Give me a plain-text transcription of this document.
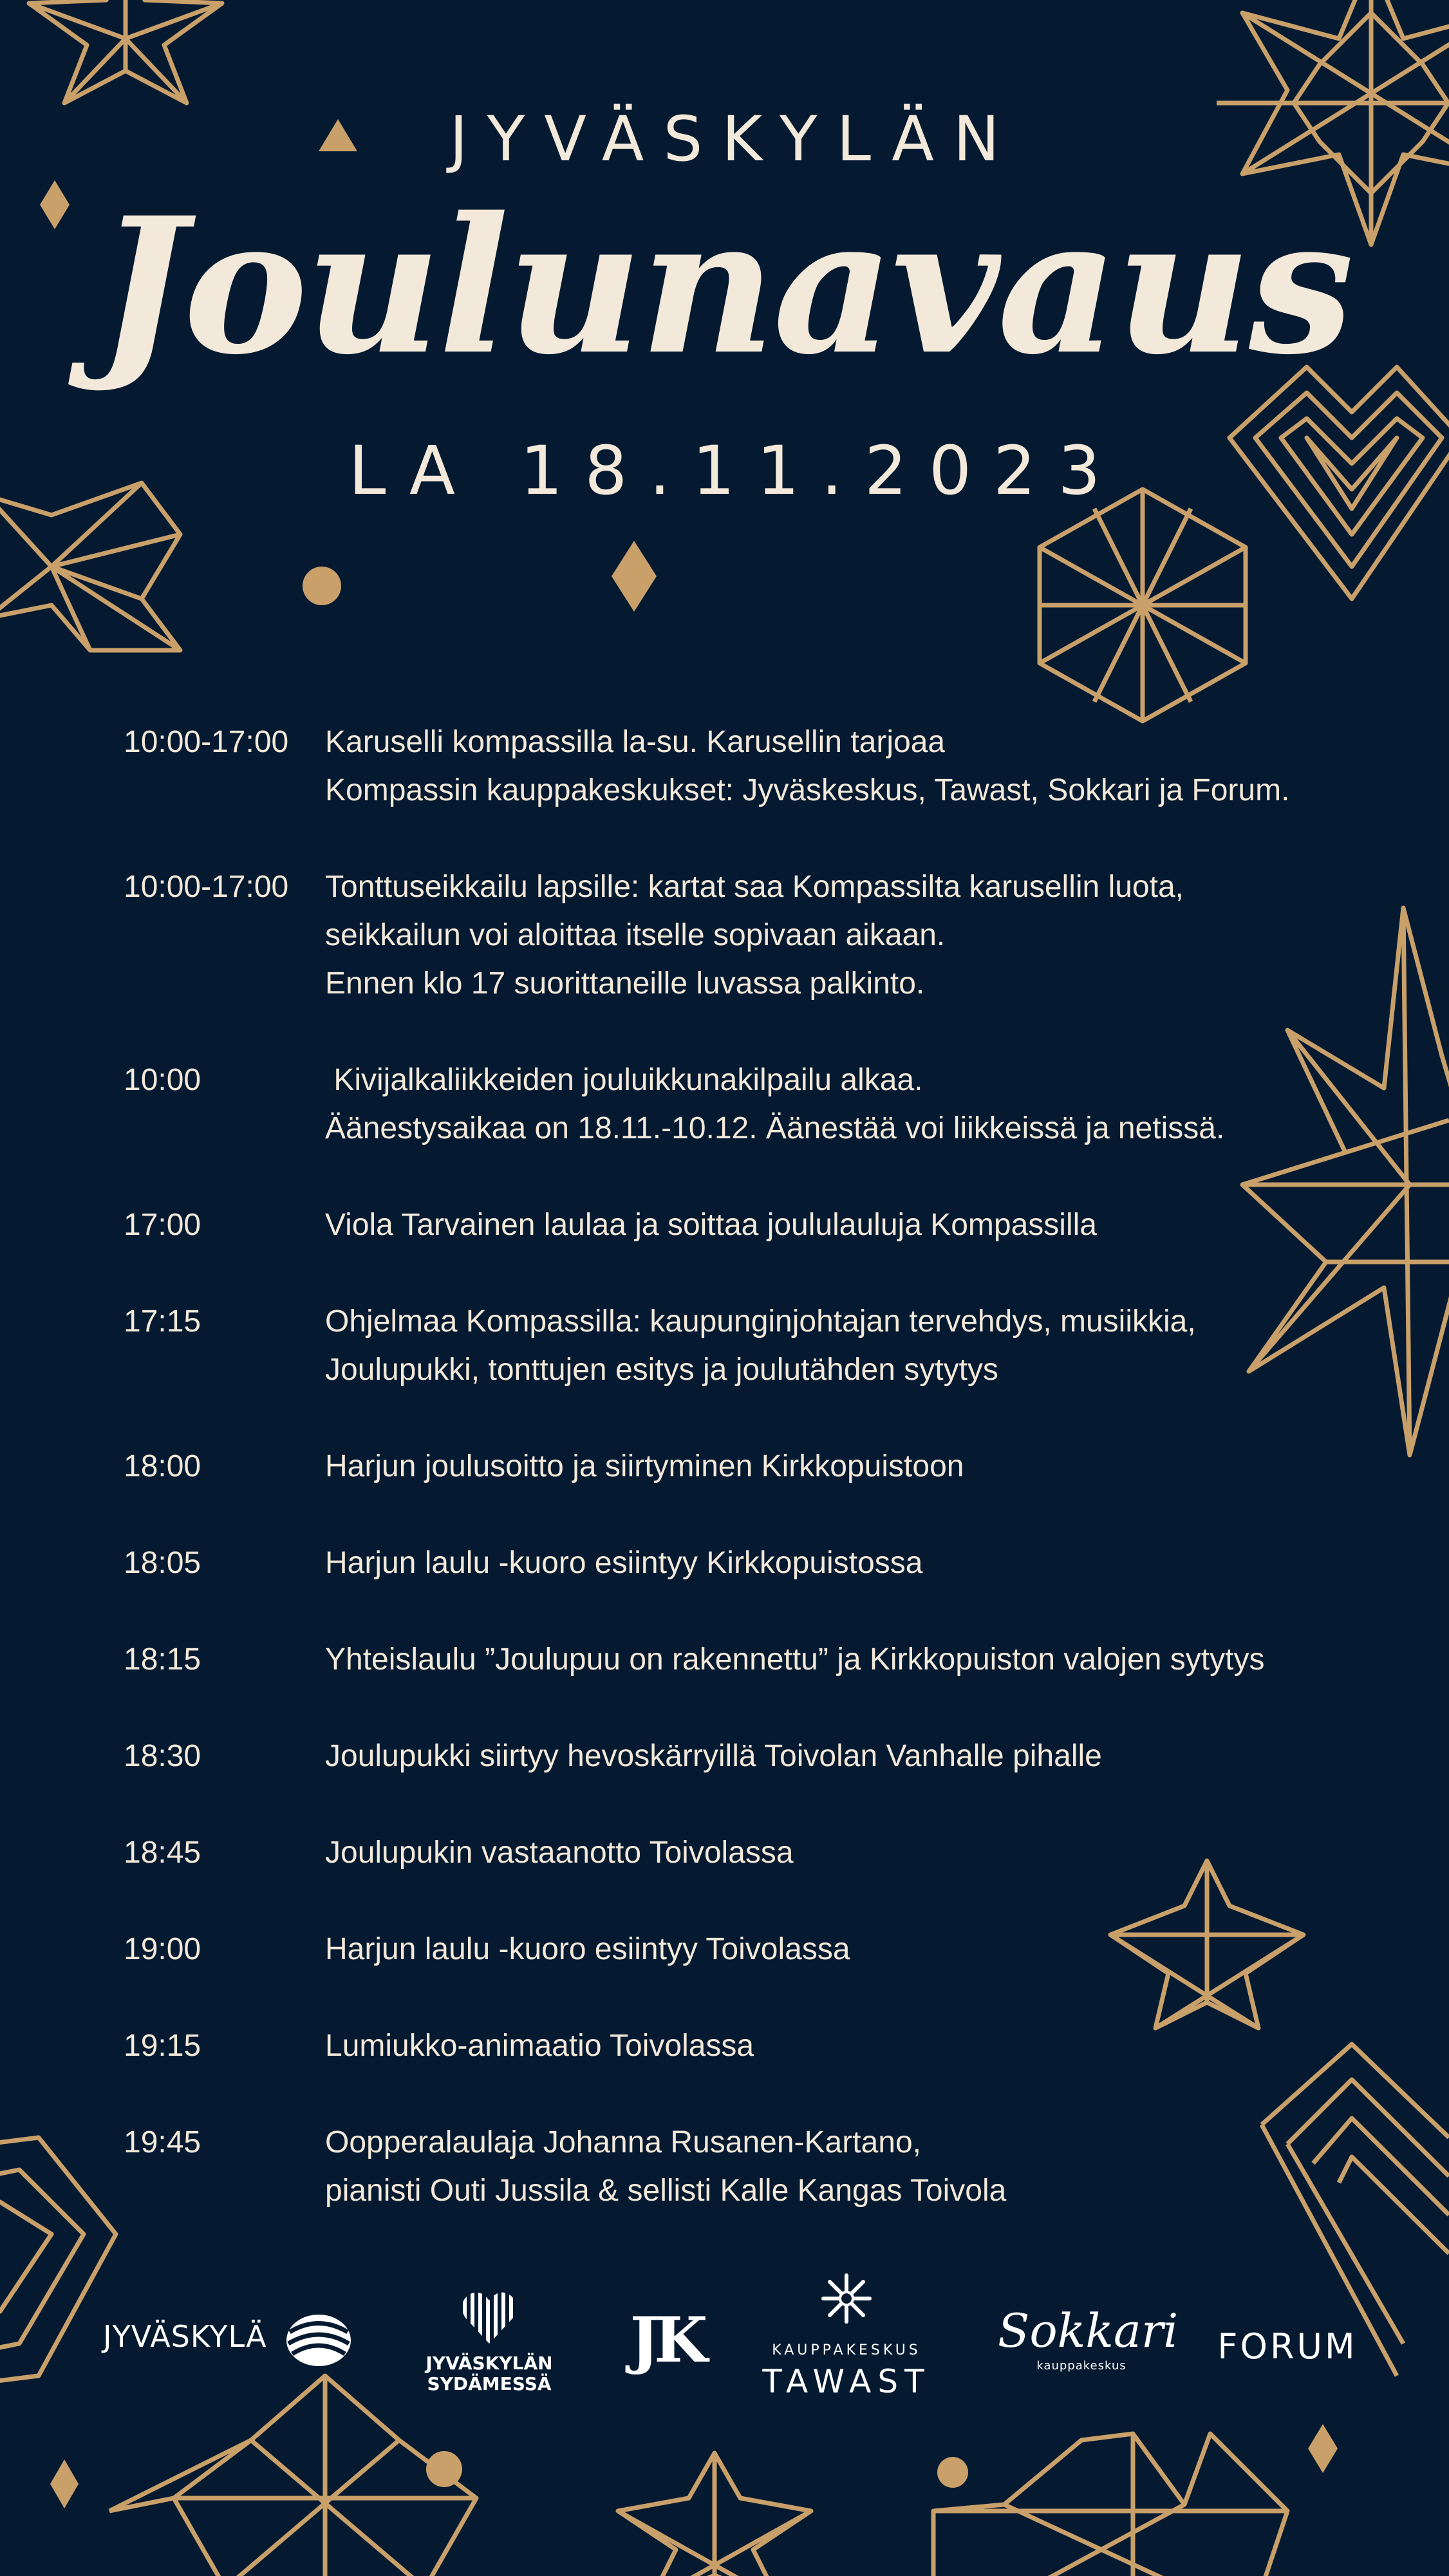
JYVÄSKYLÄN
Joulunavaus
LA 18.11.2023
10:00-17:00	Karuselli kompassilla la-su. Karusellin tarjoaa
Kompassin kauppakeskukset: Jyväskeskus, Tawast, Sokkari ja Forum.
10:00-17:00	Tonttuseikkailu lapsille: kartat saa Kompassilta karusellin luota,
seikkailun voi aloittaa itselle sopivaan aikaan.
Ennen klo 17 suorittaneille luvassa palkinto.
10:00	Kivijalkaliikkeiden jouluikkunakilpailu alkaa.
Äänestysaikaa on 18.11.-10.12. Äänestää voi liikkeissä ja netissä.
17:00	Viola Tarvainen laulaa ja soittaa joululauluja Kompassilla
17:15	Ohjelmaa Kompassilla: kaupunginjohtajan tervehdys, musiikkia,
Joulupukki, tonttujen esitys ja joulutähden sytytys
18:00	Harjun joulusoitto ja siirtyminen Kirkkopuistoon
18:05	Harjun laulu -kuoro esiintyy Kirkkopuistossa
18:15	Yhteislaulu ”Joulupuu on rakennettu” ja Kirkkopuiston valojen sytytys
18:30	Joulupukki siirtyy hevoskärryillä Toivolan Vanhalle pihalle
18:45	Joulupukin vastaanotto Toivolassa
19:00	Harjun laulu -kuoro esiintyy Toivolassa
19:15	Lumiukko-animaatio Toivolassa
19:45	Oopperalaulaja Johanna Rusanen-Kartano,
pianisti Outi Jussila & sellisti Kalle Kangas Toivola
JYVÄSKYLÄ
JYVÄSKYLÄN
SYDÄMESSÄ
JK	KAUPPAKESKUS
TAWAST
Sokkari
kauppakeskus	FORUM
